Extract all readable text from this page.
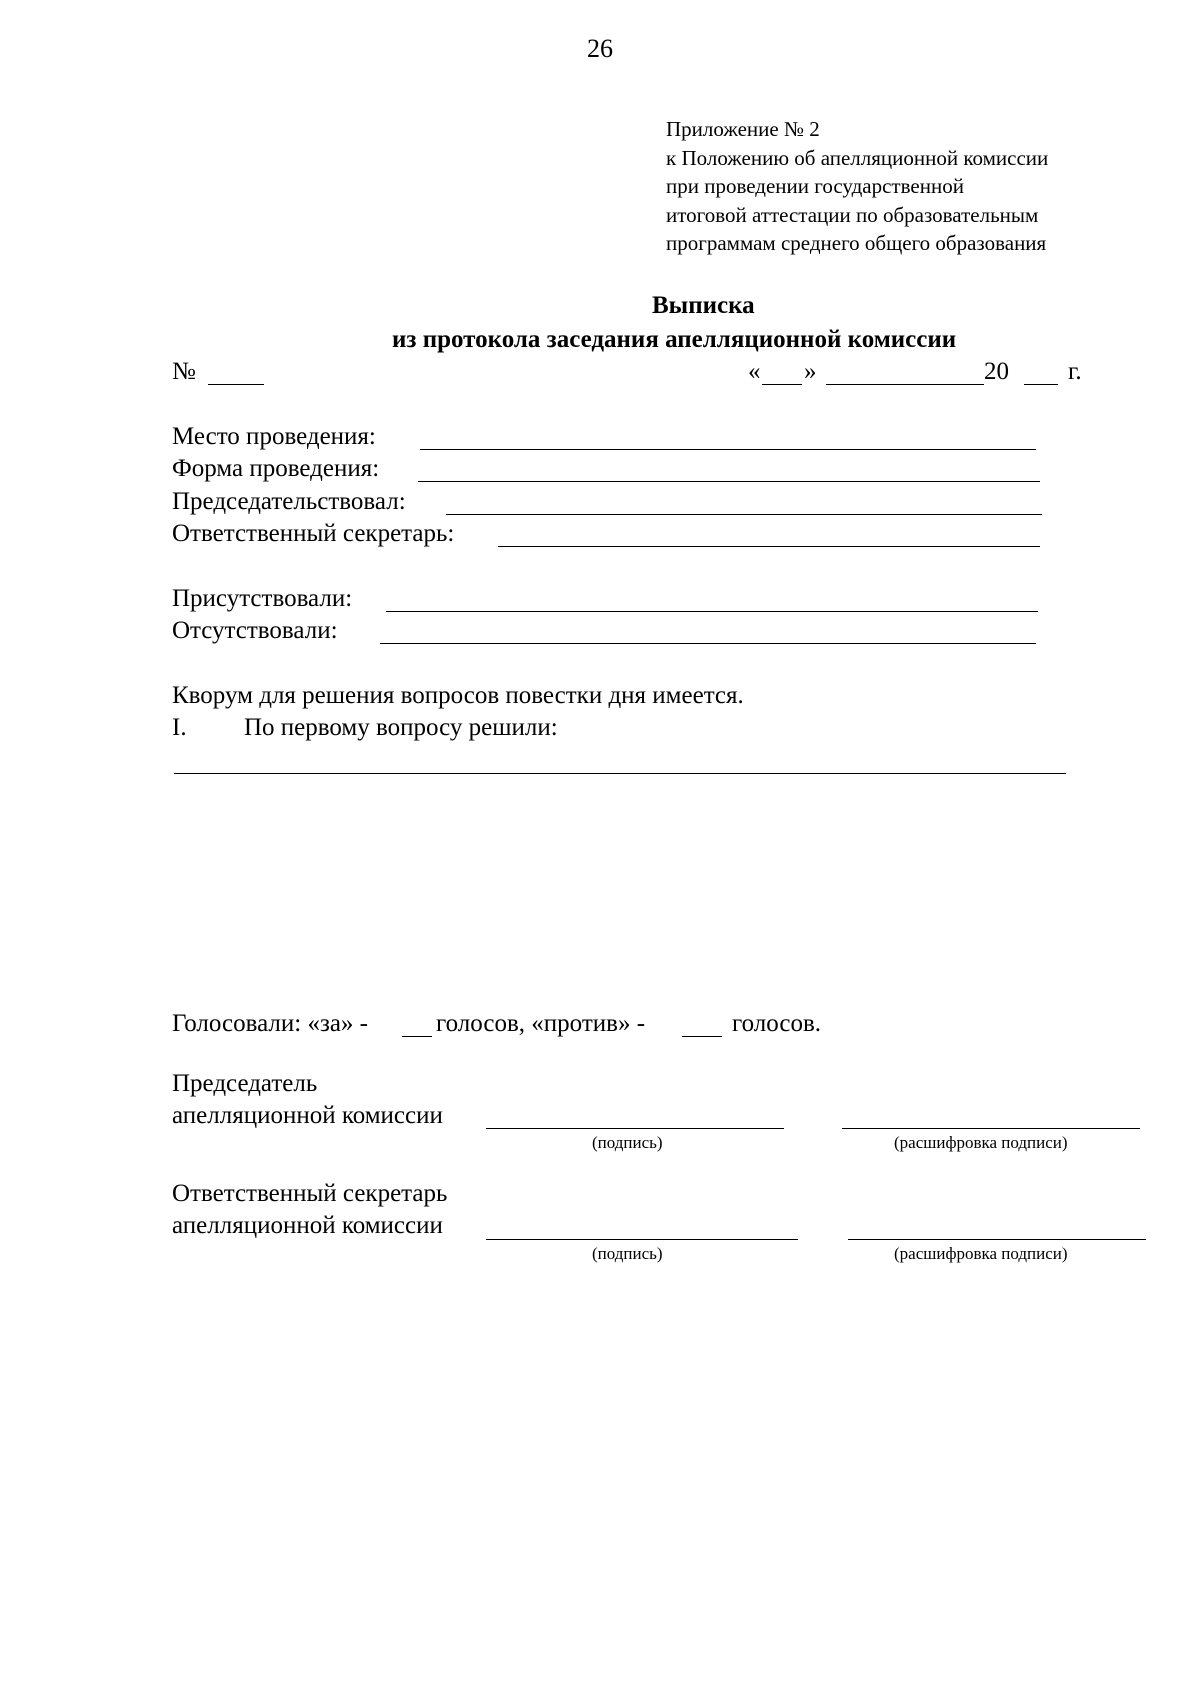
26
Приложение № 2
к Положению об апелляционной комиссии
при проведении государственной
итоговой аттестации по образовательным
программам среднего общего образования
Выписка
из протокола заседания апелляционной комиссии
№	« »	20 г.
Место проведения:
Форма проведения:
Председательствовал:
Ответственный секретарь:
Присутствовали:
Отсутствовали:
Кворум для решения вопросов повестки дня имеется.
I. По первому вопросу решили:
Голосовали: «за» -	голосов, «против» -	голосов.
Председатель
апелляционной комиссии
(подпись)	(расшифровка подписи)
Ответственный секретарь
апелляционной комиссии
(подпись)	(расшифровка подписи)
